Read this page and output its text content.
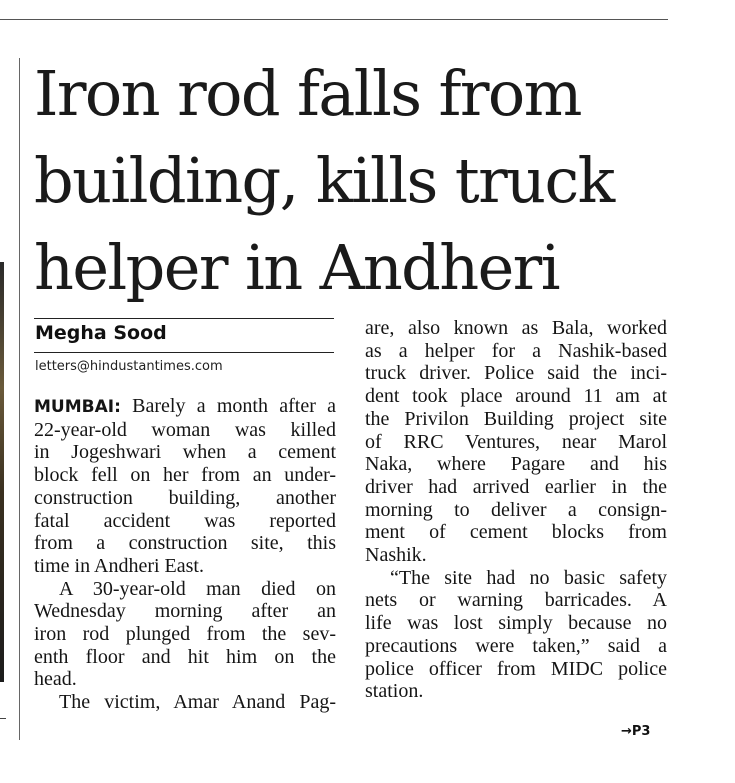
Iron rod falls from
building, kills truck
helper in Andheri
Megha Sood
letters@hindustantimes.com
MUMBAI: Barely a month after a
22-year-old woman was killed
in Jogeshwari when a cement
block fell on her from an under-
construction building, another
fatal accident was reported
from a construction site, this
time in Andheri East.
A 30-year-old man died on
Wednesday morning after an
iron rod plunged from the sev-
enth floor and hit him on the
head.
The victim, Amar Anand Pag-
are, also known as Bala, worked
as a helper for a Nashik-based
truck driver. Police said the inci-
dent took place around 11 am at
the Privilon Building project site
of RRC Ventures, near Marol
Naka, where Pagare and his
driver had arrived earlier in the
morning to deliver a consign-
ment of cement blocks from
Nashik.
“The site had no basic safety
nets or warning barricades. A
life was lost simply because no
precautions were taken,” said a
police officer from MIDC police
station.
→P3
